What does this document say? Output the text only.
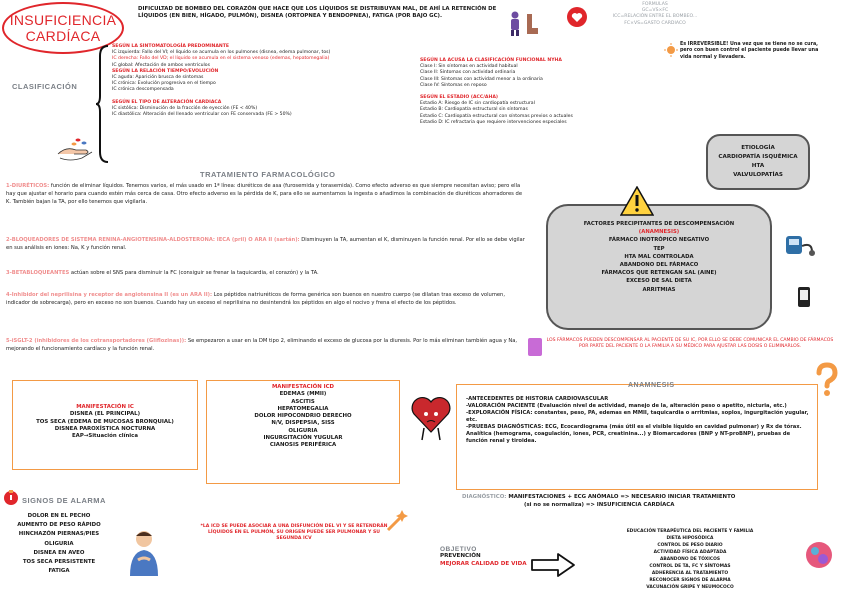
INSUFICIENCIA
CARDÍACA
DIFICULTAD DE BOMBEO DEL CORAZÓN QUE HACE QUE LOS LÍQUIDOS SE DISTRIBUYAN MAL, DE AHÍ LA RETENCIÓN DE LÍQUIDOS (EN BIEN, HÍGADO, PULMÓN), DISNEA (ORTOPNEA Y BENDOPNEA), FATIGA (POR BAJO GC).
FORMULAS
GC=VS×FC
ICC=RELACIÓN ENTRE EL BOMBEO...
FC×VS=GASTO CARDIACO
Es IRREVERSIBLE! Una vez que se tiene no se cura, pero con buen control el paciente puede llevar una vida normal y llevadera.
CLASIFICACIÓN
SEGÚN LA SINTOMATOLOGÍA PREDOMINANTE
IC izquierda: Fallo del VI; el líquido se acumula en los pulmones (disnea, edema pulmonar, tos)
IC derecha: Fallo del VD; el líquido se acumula en el sistema venoso (edemas, hepatomegalia)
IC global: Afectación de ambos ventrículos
SEGÚN LA RELACIÓN TIEMPO/EVOLUCIÓN
IC aguda: Aparición brusca de síntomas
IC crónica: Evolución progresiva en el tiempo
IC crónica descompensada
SEGÚN EL TIPO DE ALTERACIÓN CARDIACA
IC sistólica: Disminución de la fracción de eyección (FE < 40%)
IC diastólica: Alteración del llenado ventricular con FE conservada (FE > 50%)
SEGÚN LA ACUSA LA CLASIFICACIÓN FUNCIONAL NYHA
Clase I: Sin síntomas en actividad habitual
Clase II: Síntomas con actividad ordinaria
Clase III: Síntomas con actividad menor a la ordinaria
Clase IV: Síntomas en reposo
SEGÚN EL ESTADIO (ACC/AHA)
Estadio A: Riesgo de IC sin cardiopatía estructural
Estadio B: Cardiopatía estructural sin síntomas
Estadio C: Cardiopatía estructural con síntomas previos o actuales
Estadio D: IC refractaria que requiere intervenciones especiales
ETIOLOGÍA
CARDIOPATÍA ISQUÉMICA
HTA
VALVULOPATÍAS
TRATAMIENTO FARMACOLÓGICO
1-DIURÉTICOS: función de eliminar líquidos. Tenemos varios, el más usado en 1ª línea: diuréticos de asa (furosemida y torasemida). Como efecto adverso es que siempre necesitan aviso; pero ella hay que ajustar el horario para cuando estén más cerca de casa. Otro efecto adverso es la pérdida de K, para ello se aumentamos la ingesta o añadimos la combinación de diuréticos ahorradores de K. También bajan la TA, por ello tenemos que vigilarla.
2-BLOQUEADORES DE SISTEMA RENINA-ANGIOTENSINA-ALDOSTERONA: IECA (pril) O ARA II (sartán): Disminuyen la TA, aumentan el K, disminuyen la función renal. Por ello se debe vigilar en sus análisis en iones: Na, K y función renal.
3-BETABLOQUEANTES actúan sobre el SNS para disminuir la FC (consiguir se frenar la taquicardia, el corazón) y la TA.
4-Inhibidor del neprilisina y receptor de angiotensina II (es un ARA II): Los péptidos natriuréticos de forma genérica son buenos en nuestro cuerpo (se dilatan tras exceso de volumen, indicador de sobrecarga), pero en exceso no son buenos. Cuando hay un exceso el neprilisina no desintendrá los péptidos en algo el nocivo y frena el efecto de los péptidos.
5-iSGLT-2 (inhibidores de los cotransportadores (Gliflozinas)): Se empezaron a usar en la DM tipo 2, eliminando el exceso de glucosa por la diuresis. Por lo más eliminan también agua y Na, mejorando el funcionamiento cardíaco y la función renal.
FACTORES PRECIPITANTES DE DESCOMPENSACIÓN
(ANAMNESIS)
FÁRMACO INOTRÓPICO NEGATIVO
TEP
HTA MAL CONTROLADA
ABANDONO DEL FÁRMACO
FÁRMACOS QUE RETENGAN SAL (AINE)
EXCESO DE SAL DIETA
ARRITMIAS
LOS FÁRMACOS PUEDEN DESCOMPENSAR AL PACIENTE DE SU IC, POR ELLO SE DEBE COMUNICAR EL CAMBIO DE FÁRMACOS POR PARTE DEL PACIENTE O LA FAMILIA A SU MÉDICO PARA AJUSTAR LAS DOSIS O ELIMINARLOS.
MANIFESTACIÓN IC
DISNEA (EL PRINCIPAL)
TOS SECA (EDEMA DE MUCOSAS BRONQUIAL)
DISNEA PAROXÍSTICA NOCTURNA
EAP→Situación clínica
MANIFESTACIÓN ICD
EDEMAS (MMII)
ASCITIS
HEPATOMEGALIA
DOLOR HIPOCONDRIO DERECHO
N/V, DISPEPSIA, SISS
OLIGURIA
INGURGITACIÓN YUGULAR
CIANOSIS PERIFÉRICA
ANAMNESIS
-ANTECEDENTES DE HISTORIA CARDIOVASCULAR
-VALORACIÓN PACIENTE (Evaluación nivel de actividad, manejo de la, alteración peso o apetito, nicturia, etc.)
-EXPLORACIÓN FÍSICA: constantes, peso, PA, edemas en MMII, taquicardia o arritmias, soplos, ingurgitación yugular, etc.
-PRUEBAS DIAGNÓSTICAS: ECG, Ecocardiograma (más útil es el visible líquido en cavidad pulmonar) y Rx de tórax. Analítica (hemograma, coagulación, iones, PCR, creatinina...) y Biomarcadores (BNP y NT-proBNP), pruebas de función renal y tiroidea.
SIGNOS DE ALARMA
DOLOR EN EL PECHO
AUMENTO DE PESO RÁPIDO
HINCHAZÓN PIERNAS/PIES
OLIGURIA
DISNEA EN AVEO
TOS SECA PERSISTENTE
FATIGA
DIAGNÓSTICO: MANIFESTACIONES + ECG ANÓMALO => NECESARIO INICIAR TRATAMIENTO
(si no se normaliza) => INSUFICIENCIA CARDÍACA
*LA ICD SE PUEDE ASOCIAR A UNA DISFUNCIÓN DEL VI Y SE RETENDRÁN LÍQUIDOS EN EL PULMÓN, SU ORIGEN PUEDE SER PULMONAR Y SU SEGUNDA ICV
OBJETIVO
PREVENCIÓN
MEJORAR CALIDAD DE VIDA
EDUCACIÓN TERAPÉUTICA DEL PACIENTE Y FAMILIA
DIETA HIPOSÓDICA
CONTROL DE PESO DIARIO
ACTIVIDAD FÍSICA ADAPTADA
ABANDONO DE TÓXICOS
CONTROL DE TA, FC Y SÍNTOMAS
ADHERENCIA AL TRATAMIENTO
RECONOCER SIGNOS DE ALARMA
VACUNACIÓN GRIPE Y NEUMOCOCO
